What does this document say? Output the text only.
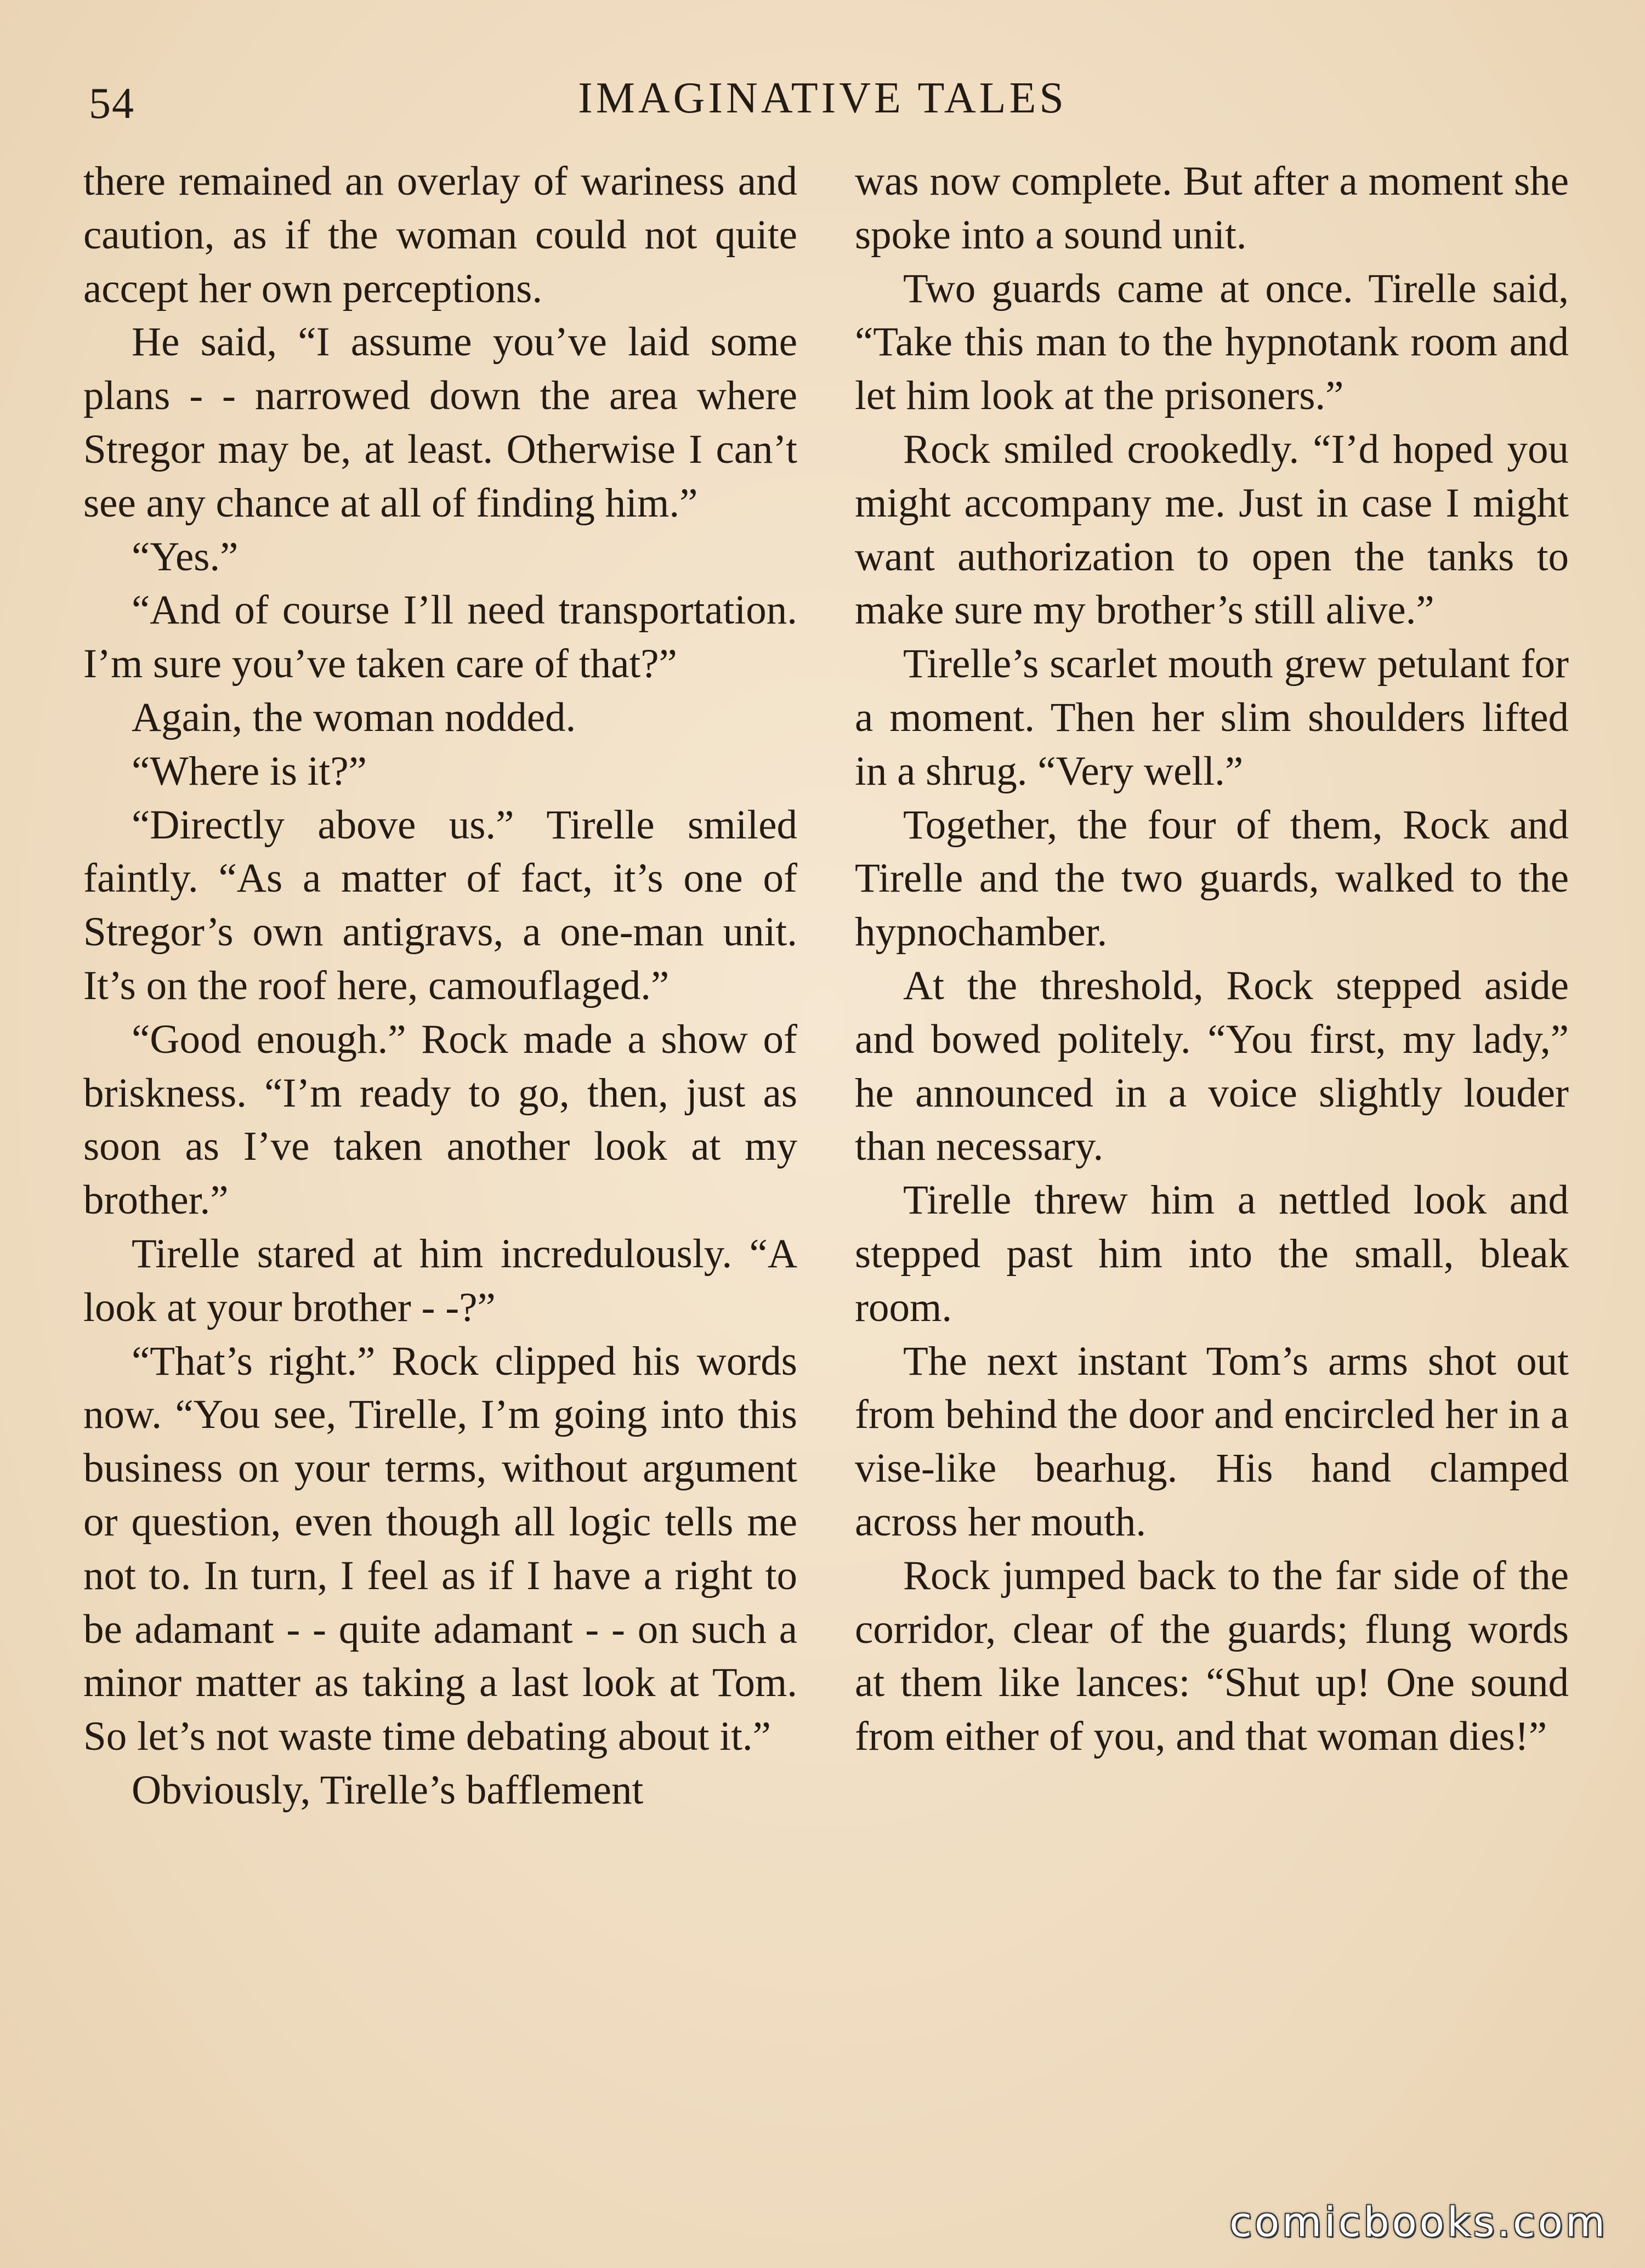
54	IMAGINATIVE TALES

there remained an overlay of wariness and caution, as if the woman could not quite accept her own perceptions.

He said, “I assume you’ve laid some plans - - narrowed down the area where Stregor may be, at least. Otherwise I can’t see any chance at all of finding him.”

“Yes.”

“And of course I’ll need transportation. I’m sure you’ve taken care of that?”

Again, the woman nodded.

“Where is it?”

“Directly above us.” Tirelle smiled faintly. “As a matter of fact, it’s one of Stregor’s own antigravs, a one-man unit. It’s on the roof here, camouflaged.”

“Good enough.” Rock made a show of briskness. “I’m ready to go, then, just as soon as I’ve taken another look at my brother.”

Tirelle stared at him incredulously. “A look at your brother - -?”

“That’s right.” Rock clipped his words now. “You see, Tirelle, I’m going into this business on your terms, without argument or question, even though all logic tells me not to. In turn, I feel as if I have a right to be adamant - - quite adamant - - on such a minor matter as taking a last look at Tom. So let’s not waste time debating about it.”

Obviously, Tirelle’s bafflement

was now complete. But after a moment she spoke into a sound unit.

Two guards came at once. Tirelle said, “Take this man to the hypnotank room and let him look at the prisoners.”

Rock smiled crookedly. “I’d hoped you might accompany me. Just in case I might want authorization to open the tanks to make sure my brother’s still alive.”

Tirelle’s scarlet mouth grew petulant for a moment. Then her slim shoulders lifted in a shrug. “Very well.”

Together, the four of them, Rock and Tirelle and the two guards, walked to the hypnochamber.

At the threshold, Rock stepped aside and bowed politely. “You first, my lady,” he announced in a voice slightly louder than necessary.

Tirelle threw him a nettled look and stepped past him into the small, bleak room.

The next instant Tom’s arms shot out from behind the door and encircled her in a vise-like bearhug. His hand clamped across her mouth.

Rock jumped back to the far side of the corridor, clear of the guards; flung words at them like lances: “Shut up! One sound from either of you, and that woman dies!”

comicbooks.com
